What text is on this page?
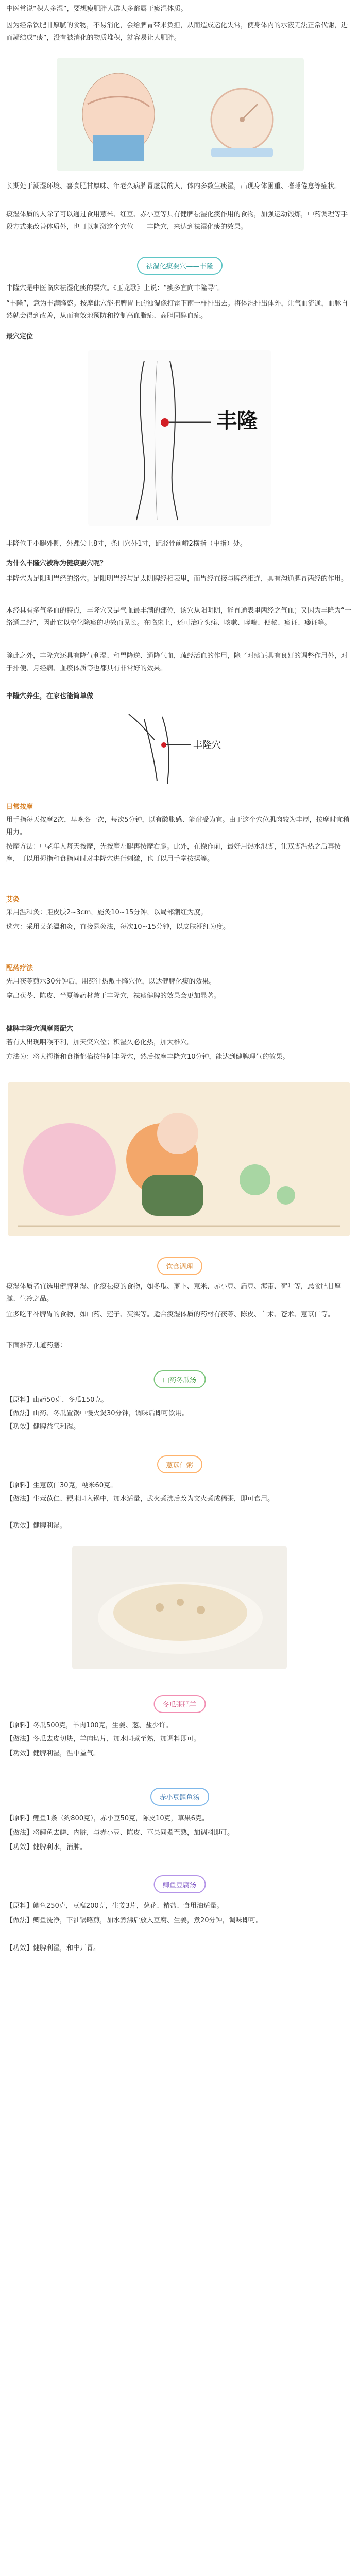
中医常说“积人多湿”，要想瘦肥胖人群大多都属于痰湿体质。

因为经常饮肥甘厚腻的食物，不易消化，会给脾胃带来负担，从而造成运化失常，使身体内的水液无法正常代谢，进而凝结成“痰”，没有被消化的物质堆积，就容易让人肥胖。

长期处于潮湿环境、喜食肥甘厚味、年老久病脾胃虚弱的人，体内多数生痰湿，出现身体困重、嗜睡倦怠等症状。

痰湿体质的人除了可以通过食用薏米、红豆、赤小豆等具有健脾祛湿化痰作用的食物，加强运动锻炼，中药调理等手段方式来改善体质外，也可以刺激这个穴位——丰隆穴，来达到祛湿化痰的效果。

祛湿化痰要穴——丰隆

丰隆穴是中医临床祛湿化痰的要穴。《玉龙歌》上说：“痰多宜向丰隆寻”。

“丰隆”，意为丰满隆盛。按摩此穴能把脾胃上的浊湿像打雷下雨一样排出去。将体湿排出体外，让气血流通，血脉自然就会得到改善，从而有效地预防和控制高血脂症、高胆固醇血症。

最穴定位
丰隆

丰隆位于小腿外侧，外踝尖上8寸，条口穴外1寸，距胫骨前嵴2横指（中指）处。

为什么丰隆穴被称为健痰要穴呢？

丰隆穴为足阳明胃经的络穴。足阳明胃经与足太阴脾经相表里，而胃经直接与脾经相连，具有沟通脾胃两经的作用。

本经具有多气多血的特点，丰隆穴又是气血最丰满的部位，该穴从阳明阴，能直通表里两经之气血；又因为丰隆为“一络通二经”，因此它以空化除痰的功效而见长。在临床上，还可治疗头痛、咳嗽、哮喘、便秘、痰证、痿证等。

除此之外，丰隆穴还具有降气利湿、和胃降逆、通降气血，疏经活血的作用，除了对痰证具有良好的调整作用外，对于排便、月经病、血瘀体质等也都具有非常好的效果。

丰隆穴养生，在家也能简单做
丰隆穴
日常按摩

用手指每天按摩2次，早晚各一次，每次5分钟，以有酸胀感、能耐受为宜。由于这个穴位肌肉较为丰厚，按摩时宜稍用力。

按摩方法：中老年人每天按摩，先按摩左腿再按摩右腿。此外，在操作前，最好用热水泡脚，让双脚温热之后再按摩，可以用拇指和食指同时对丰隆穴进行刺激，也可以用手掌按揉等。

艾灸

采用温和灸：距皮肤2~3cm，施灸10~15分钟，以局部潮红为度。

选穴：采用艾条温和灸，直接悬灸法，每次10~15分钟，以皮肤潮红为度。

配药疗法

先用茯苓煎水30分钟后，用药汁热敷丰隆穴位，以达健脾化痰的效果。

拿出茯苓、陈皮、半夏等药材敷于丰隆穴，祛痰健脾的效果会更加显著。

健脾丰隆穴调摩图配穴

若有人出现咽喉不利，加天突穴位；积湿久必化热，加大椎穴。

方法为：将大拇指和食指都掐按住阿丰隆穴，然后按摩丰隆穴10分钟，能达到健脾理气的效果。

饮食调理

痰湿体质者宜选用健脾利湿、化痰祛痰的食物，如冬瓜、萝卜、薏米、赤小豆、扁豆、海带、荷叶等，忌食肥甘厚腻、生冷之品。

宜多吃平补脾胃的食物，如山药、莲子、芡实等。适合痰湿体质的药材有茯苓、陈皮、白术、苍术、薏苡仁等。

下面推荐几道药膳：

山药冬瓜汤

【原料】山药50克、冬瓜150克。

【做法】山药、冬瓜置锅中慢火煲30分钟，调味后即可饮用。

【功效】健脾益气利湿。

薏苡仁粥

【原料】生薏苡仁30克，粳米60克。

【做法】生薏苡仁、粳米同入锅中，加水适量，武火煮沸后改为文火煮成稀粥，即可食用。

【功效】健脾利湿。

冬瓜粥肥羊

【原料】冬瓜500克，羊肉100克，生姜、葱、盐少许。

【做法】冬瓜去皮切块，羊肉切片，加水同煮至熟，加调料即可。

【功效】健脾利湿，温中益气。

赤小豆鲤鱼汤

【原料】鲤鱼1条（约800克），赤小豆50克，陈皮10克，草果6克。

【做法】将鲤鱼去鳞、内脏，与赤小豆、陈皮、草果同煮至熟，加调料即可。

【功效】健脾利水，消肿。

鲫鱼豆腐汤

【原料】鲫鱼250克，豆腐200克，生姜3片，葱花、精盐、食用油适量。

【做法】鲫鱼洗净，下油锅略煎，加水煮沸后放入豆腐、生姜，煮20分钟，调味即可。

【功效】健脾利湿，和中开胃。
